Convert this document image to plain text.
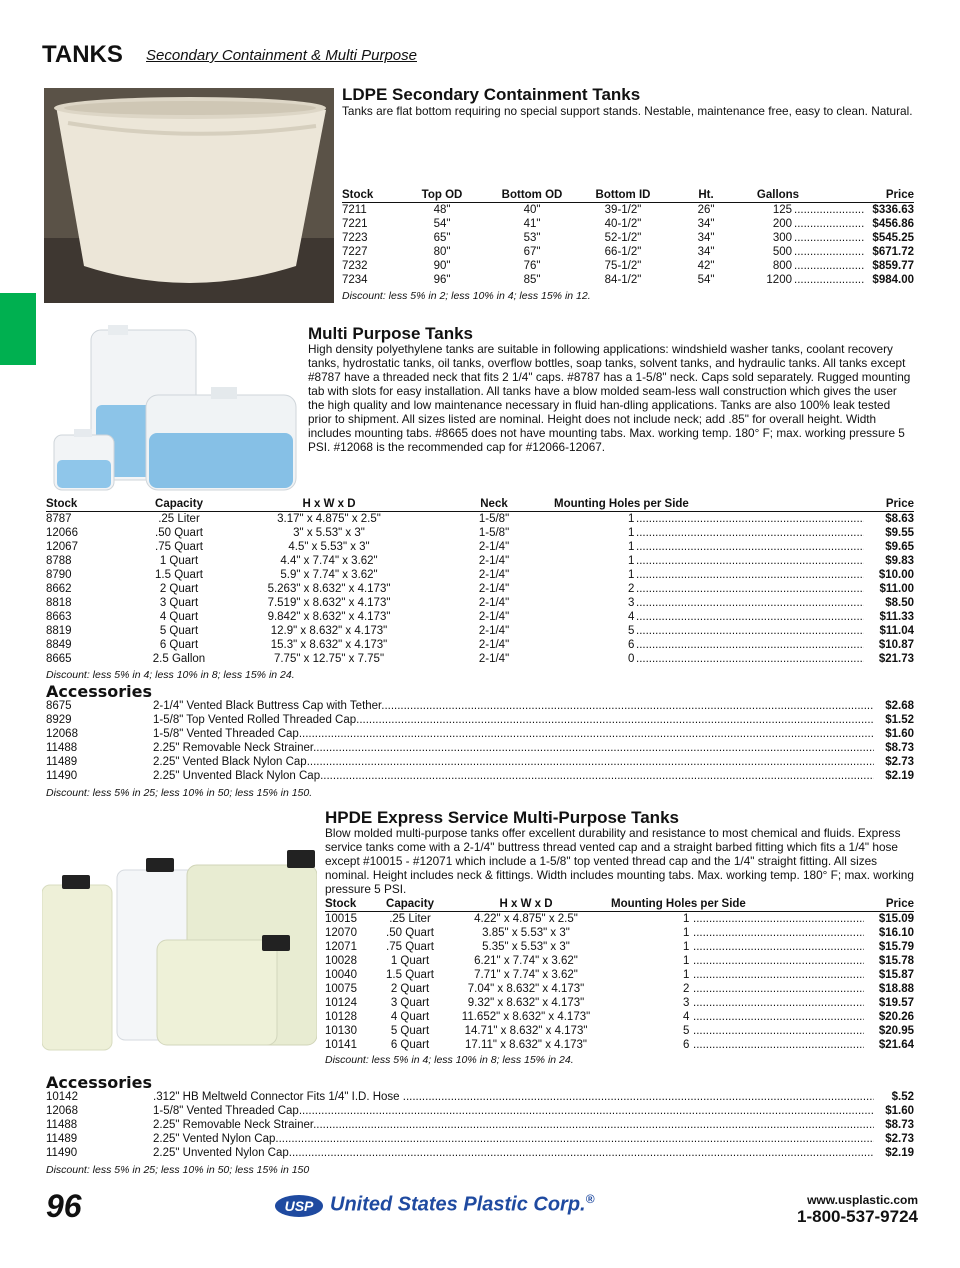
TANKS Secondary Containment & Multi Purpose
LDPE Secondary Containment Tanks
Tanks are flat bottom requiring no special support stands. Nestable, maintenance free, easy to clean. Natural.
Stock	Top OD	Bottom OD	Bottom ID	Ht.	Gallons	Price
7211	48"	40"	39-1/2"	26"	125 .....	$336.63
7221	54"	41"	40-1/2"	34"	200 .....	$456.86
7223	65"	53"	52-1/2"	34"	300 .....	$545.25
7227	80"	67"	66-1/2"	34"	500 .....	$671.72
7232	90"	76"	75-1/2"	42"	800 .....	$859.77
7234	96"	85"	84-1/2"	54"	1200 .....	$984.00
Discount: less 5% in 2; less 10% in 4; less 15% in 12.
Multi Purpose Tanks
High density polyethylene tanks are suitable in following applications: windshield washer tanks, coolant recovery tanks, hydrostatic tanks, oil tanks, overflow bottles, soap tanks, solvent tanks, and hydraulic tanks. All tanks except #8787 have a threaded neck that fits 2 1/4" caps. #8787 has a 1-5/8" neck. Caps sold separately. Rugged mounting tab with slots for easy installation. All tanks have a blow molded seam-less wall construction which gives the user the high quality and low maintenance necessary in fluid han-dling applications. Tanks are also 100% leak tested prior to shipment. All sizes listed are nominal. Height does not include neck; add .85" for overall height. Width includes mounting tabs. #8665 does not have mounting tabs. Max. working temp. 180° F; max. working pressure 5 PSI. #12068 is the recommended cap for #12066-12067.
Stock	Capacity	H x W x D	Neck	Mounting Holes per Side	Price
8787	.25 Liter	3.17" x 4.875" x 2.5"	1-5/8"	1 .....	$8.63
12066	.50 Quart	3" x 5.53" x 3"	1-5/8"	1 .....	$9.55
12067	.75 Quart	4.5" x 5.53" x 3"	2-1/4"	1 .....	$9.65
8788	1 Quart	4.4" x 7.74" x 3.62"	2-1/4"	1 .....	$9.83
8790	1.5 Quart	5.9" x 7.74" x 3.62"	2-1/4"	1 .....	$10.00
8662	2 Quart	5.263" x 8.632" x 4.173"	2-1/4"	2 .....	$11.00
8818	3 Quart	7.519" x 8.632" x 4.173"	2-1/4"	3 .....	$8.50
8663	4 Quart	9.842" x 8.632" x 4.173"	2-1/4"	4 .....	$11.33
8819	5 Quart	12.9" x 8.632" x 4.173"	2-1/4"	5 .....	$11.04
8849	6 Quart	15.3" x 8.632" x 4.173"	2-1/4"	6 .....	$10.87
8665	2.5 Gallon	7.75" x 12.75" x 7.75"	2-1/4"	0 .....	$21.73
Discount: less 5% in 4; less 10% in 8; less 15% in 24.
Accessories
8675	2-1/4" Vented Black Buttress Cap with Tether .....	$2.68
8929	1-5/8" Top Vented Rolled Threaded Cap .....	$1.52
12068	1-5/8" Vented Threaded Cap .....	$1.60
11488	2.25" Removable Neck Strainer .....	$8.73
11489	2.25" Vented Black Nylon Cap .....	$2.73
11490	2.25" Unvented Black Nylon Cap .....	$2.19
Discount: less 5% in 25; less 10% in 50; less 15% in 150.
HPDE Express Service Multi-Purpose Tanks
Blow molded multi-purpose tanks offer excellent durability and resistance to most chemical and fluids. Express service tanks come with a 2-1/4" buttress thread vented cap and a straight barbed fitting which fits a 1/4" hose except #10015 - #12071 which include a 1-5/8" top vented thread cap and the 1/4" straight fitting. All sizes nominal. Height includes neck & fittings. Width includes mounting tabs. Max. working temp. 180° F; max. working pressure 5 PSI.
Stock	Capacity	H x W x D	Mounting Holes per Side	Price
10015	.25 Liter	4.22" x 4.875" x 2.5"	1 .....	$15.09
12070	.50 Quart	3.85" x 5.53" x 3"	1 .....	$16.10
12071	.75 Quart	5.35" x 5.53" x 3"	1 .....	$15.79
10028	1 Quart	6.21" x 7.74" x 3.62"	1 .....	$15.78
10040	1.5 Quart	7.71" x 7.74" x 3.62"	1 .....	$15.87
10075	2 Quart	7.04" x 8.632" x 4.173"	2 .....	$18.88
10124	3 Quart	9.32" x 8.632" x 4.173"	3 .....	$19.57
10128	4 Quart	11.652" x 8.632" x 4.173"	4 .....	$20.26
10130	5 Quart	14.71" x 8.632" x 4.173"	5 .....	$20.95
10141	6 Quart	17.11" x 8.632" x 4.173"	6 .....	$21.64
Discount: less 5% in 4; less 10% in 8; less 15% in 24.
Accessories
10142	.312" HB Meltweld Connector Fits 1/4" I.D. Hose .....	$.52
12068	1-5/8" Vented Threaded Cap .....	$1.60
11488	2.25" Removable Neck Strainer .....	$8.73
11489	2.25" Vented Nylon Cap .....	$2.73
11490	2.25" Unvented Nylon Cap .....	$2.19
Discount: less 5% in 25; less 10% in 50; less 15% in 150
96	USP United States Plastic Corp.®	www.usplastic.com
1-800-537-9724
